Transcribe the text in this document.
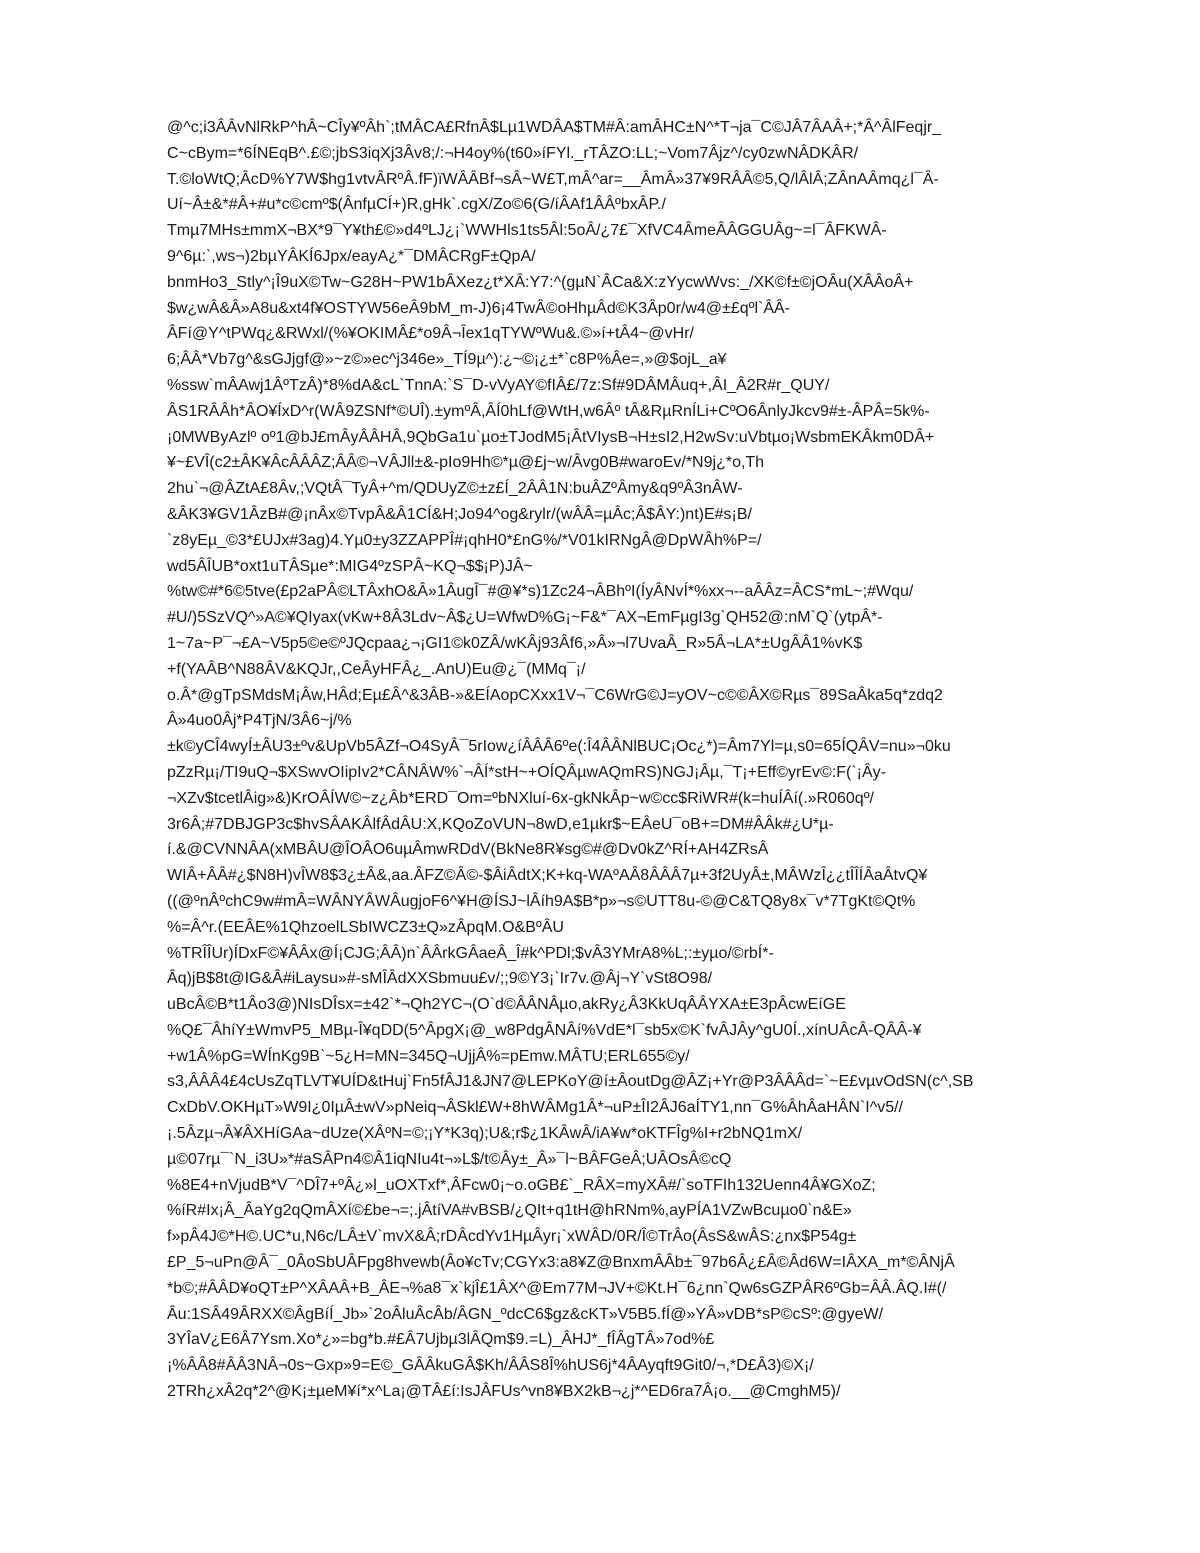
@^c;i3ÂÂvNlRkP^hÂ~CÎy¥ºÂh`;tMÂCA£RfnÂ$Lµ1WDÂA$TM#Â:amÂHC±N^*T¬ja¯C©JÂ7ÂAÂ+;*Â^ÂlFeqjr_
C~cBym=*6ÍNEqB^.£©;jbS3iqXj3Âv8;/:¬H4oy%(t60»íFYl._rTÂZO:LL;~Vom7Âjz^/cy0zwNÂDKÂR/
T.©loWtQ;ÂcD%Y7W$hg1vtvÂRºÂ.fF)ïWÂÂBf¬sÂ~W£T,mÂ^ar=__ÂmÂ»37¥9RÂÂ©5,Q/lÂlÂ;ZÂnAÂmq¿l¯Â-
Uí~Â±&*#Â+#u*c©cmº$(ÂnfµCÍ+)R,gHk`.cgX/Zo©6(G/íÂAf1ÂÂºbxÂP./
Tmµ7MHs±mmX¬BX*9¯Y¥th£©»d4ºLJ¿¡`WWHls1ts5Âl:5oÂ/¿7£¯XfVC4ÂmeÂÂGGUÂg~=l¯ÂFKWÂ-
9^6µ:`,ws¬)2bµYÂKÍ6Jpx/eayA¿*¯DMÂCRgF±QpA/
bnmHo3_Stly^¡Î9uX©Tw~G28H~PW1bÂXez¿t*XÂ:Y7:^(gµN`ÂCa&X:zYycwWvs:_/XK©f±©jOÂu(XÂÂoÂ+
$w¿wÂ&Â»A8u&xt4f¥OSTYW56eÂ9bM_m-J)6¡4TwÂ©oHhµÂd©K3Âp0r/w4@±£qºl`ÂÂ-
ÂFí@Y^tPWq¿&RWxl/(%¥OKIMÂ£*o9Â¬Îex1qTYWºWu&.©»í+tÂ4~@vHr/
6;ÂÂ*Vb7g^&sGJjgf@»~z©»ec^j346e»_TÍ9µ^):¿~©¡¿±*`c8P%Âe=,»@$ojL_a¥
%ssw`mÂAwj1ÂºTzÂ)*8%dA&cL`TnnA:`S¯D-vVyAY©fIÂ£/7z:Sf#9DÂMÂuq+,ÂI_Â2R#r_QUY/
ÂS1RÂÂh*ÂO¥ÍxD^r(WÂ9ZSNf*©UÎ).±ymºÂ,ÂÍ0hLf@WtH,w6Âº tÂ&RµRnÍLi+CºO6ÂnlyJkcv9#±-ÂPÂ=5k%-
¡0MWByAzlº oº1@bJ£mÂyÂÂHÂ,9QbGa1u`µo±TJodM5¡ÂtVIysB¬H±sI2,H2wSv:uVbtµo¡WsbmEKÂkm0DÂ+
¥~£VÎ(c2±ÂK¥ÂcÂÂÂZ;ÂÂ©¬VÂJll±&-pIo9Hh©*µ@£j~w/Âvg0B#waroEv/*N9j¿*o,Th
2hu`¬@ÂZtA£8Âv,;VQtÂ¯TyÂ+^m/QDUyZ©±z£Í_2ÂÂ1N:buÂZºÂmy&q9ºÂ3nÂW-
&ÂK3¥GV1ÂzB#@¡nÂx©TvpÂ&Â1CÍ&H;Jo94^og&rylr/(wÂÂ=µÂc;Â$ÂY:)nt)E#s¡B/
`z8yEµ_©3*£UJx#3ag)4.Yµ0±y3ZZAPPÎ#¡qhH0*£nG%/*V01kIRNgÂ@DpWÂh%P=/
wd5ÂÎUB*oxt1uTÂSµe*:MIG4ºzSPÂ~KQ¬$$¡P)JÂ~
%tw©#*6©5tve(£p2aPÂ©LTÂxhO&Â»1ÂugÎ¯#@¥*s)1Zc24¬ÂBhºI(ÍyÂNvÍ*%xx¬--aÂÂz=ÂCS*mL~;#Wqu/
#U/)5SzVQ^»A©¥QIyax(vKw+8Â3Ldv~Â$¿U=WfwD%G¡~F&*¯AX¬EmFµgI3g`QH52@:nM`Q`(ytpÂ*-
1~7a~P¯¬£A~V5p5©e©ºJQcpaa¿¬¡GI1©k0ZÂ/wKÂj93Âf6,»Â»¬l7UvaÂ_R»5Â¬LA*±UgÂÂ1%vK$
+f(YAÂB^N88ÂV&KQJr,,CeÂyHFÂ¿_.AnU)Eu@¿¯(MMq¯¡/
o.Â*@gTpSMdsM¡Âw,HÂd;Eµ£Â^&3ÂB-»&EÍAopCXxx1V¬¯C6WrG©J=yOV~c©©ÂX©Rµs¯89SaÂka5q*zdq2
Â»4uo0Âj*P4TjN/3Â6~j/%
±k©yCÎ4wyÍ±ÂU3±ºv&UpVb5ÂZf¬O4SyÂ¯5rIow¿íÂÂÂ6ºe(:Î4ÂÂNlBUC¡Oc¿*)=Âm7Yl=µ,s0=65ÍQÂV=nu»¬0ku
pZzRµ¡/TI9uQ¬$XSwvOIipIv2*CÂNÂW%`¬ÂÍ*stH~+OÍQÂµwAQmRS)NGJ¡Âµ,¯T¡+Eff©yrEv©:F(`¡Ây-
¬XZv$tcetlÂig»&)KrOÂÍW©~z¿Âb*ERD¯Om=ºbNXluí-6x-gkNkÂp~w©cc$RiWR#(k=huÍÂí(.»R060qº/
3r6Â;#7DBJGP3c$hvSÂAKÂlfÂdÂU:X,KQoZoVUN¬8wD,e1µkr$~EÂeU¯oB+=DM#ÂÂk#¿U*µ-
í.&@CVNNÂA(xMBÂU@ÎOÂO6uµÂmwRDdV(BkNe8R¥sg©#@Dv0kZ^RÍ+AH4ZRsÂ
WIÂ+ÂÂ#¿$N8H)vÎW8$3¿±Â&,aa.ÂFZ©Â©-$ÂiÂdtX;K+kq-WAºAÂ8ÂÂÂ7µ+3f2UyÂ±,MÂWzÎ¿¿tÎÎÍÂaÂtvQ¥
((@ºnÂºchC9w#mÂ=WÂNYÂWÂugjoF6^¥H@ÍSJ~lÂíh9A$B*p»¬s©UTT8u-©@C&TQ8y8x¯v*7TgKt©Qt%
%=Â^r.(EEÂE%1QhzoelLSbIWCZ3±Q»zÂpqM.O&BºÂU
%TRÎÎUr)ÍDxF©¥ÂÂx@Í¡CJG;ÂÂ)n`ÂÂrkGÂaeÂ_Î#k^PDl;$vÂ3YMrA8%L;:±yµo/©rbÍ*-
Âq)jB$8t@IG&Â#iLaysu»#-sMÎÂdXXSbmuu£v/;;9©Y3¡`Ir7v.@Âj¬Y`vSt8O98/
uBcÂ©B*t1Âo3@)NIsDÎsx=±42`*¬Qh2YC¬(O`d©ÂÂNÂµo,akRy¿Â3KkUqÂÂYXA±E3pÂcwEíGE
%Q£¯ÂhíY±WmvP5_MBµ-Î¥qDD(5^ÂpgX¡@_w8PdgÂNÂí%VdE*l¯sb5x©K`fvÂJÂy^gU0Í.,xínUÂcÂ-QÂÂ-¥
+w1Â%pG=WÍnKg9B`~5¿H=MN=345Q¬UjjÂ%=pEmw.MÂTU;ERL655©y/
s3,ÂÂÂ4£4cUsZqTLVT¥UÍD&tHuj`Fn5fÂJ1&JN7@LEPKoY@í±ÂoutDg@ÂZ¡+Yr@P3ÂÂÂd=`~E£vµvOdSN(c^,SB
CxDbV.OKHµT»W9I¿0IµÂ±wV»pNeiq¬ÂSkl£W+8hWÂMg1Â*¬uP±ÎI2ÂJ6aÍTY1,nn¯G%ÂhÂaHÂN`I^v5//
¡.5Âzµ¬Â¥ÂXHíGAa~dUze(XÂºN=©;¡Y*K3q);U&;r$¿1KÂwÂ/iA¥w*oKTFÎg%I+r2bNQ1mX/
µ©07rµ¯`N_i3U»*#aSÂPn4©Â1iqNIu4t¬»L$/t©Ây±_Â»¯l~BÂFGeÂ;UÂOsÂ©cQ
%8E4+nVjudB*V¯^DÎ7+ºÂ¿»l_uOXTxf*,ÂFcw0¡~o.oGB£`_RÂX=myXÂ#/`soTFIh132Uenn4Â¥GXoZ;
%íR#Ix¡Â_ÂaYg2qQmÂXí©£be¬=;.jÂtíVA#vBSB/¿QIt+q1tH@hRNm%,ayPÍA1VZwBcuµo0`n&E»
f»pÂ4J©*H©.UC*u,N6c/LÂ±V`mvX&Â;rDÂcdYv1HµÂyr¡`xWÂD/0R/Î©TrÂo(ÂsS&wÂS:¿nx$P54g±
£P_5¬uPn@Â¯_0ÂoSbUÂFpg8hvewb(Âo¥cTv;CGYx3:a8¥Z@BnxmÂÂb±¯97b6Â¿£Â©Âd6W=IÂXA_m*©ÂNjÂ
*b©;#ÂÂD¥oQT±P^XÂAÂ+B_ÂE¬%a8¯x`kjÎ£1ÂX^@Em77M¬JV+©Kt.H¯6¿nn`Qw6sGZPÂR6ºGb=ÂÂ.ÂQ.I#(/
Âu:1SÂ49ÂRXX©ÂgBíÍ_Jb»`2oÂluÂcÂb/ÂGN_ºdcC6$gz&cKT»V5B5.fÍ@»YÂ»vDB*sP©cSº:@gyeW/
3YÎaV¿E6Â7Ysm.Xo*¿»=bg*b.#£Â7Ujbµ3lÂQm$9.=L)_ÂHJ*_fÎÂgTÂ»7od%£
¡%ÂÂ8#ÂÂ3NÂ¬0s~Gxp»9=E©_GÂÂkuGÂ$Kh/ÂÂS8Î%hUS6j*4ÂAyqft9Git0/¬,*D£Â3)©X¡/
2TRh¿xÂ2q*2^@K¡±µeM¥í*x^La¡@TÂ£í:IsJÂFUs^vn8¥BX2kB¬¿j*^ED6ra7Â¡o.__@CmghM5)/
